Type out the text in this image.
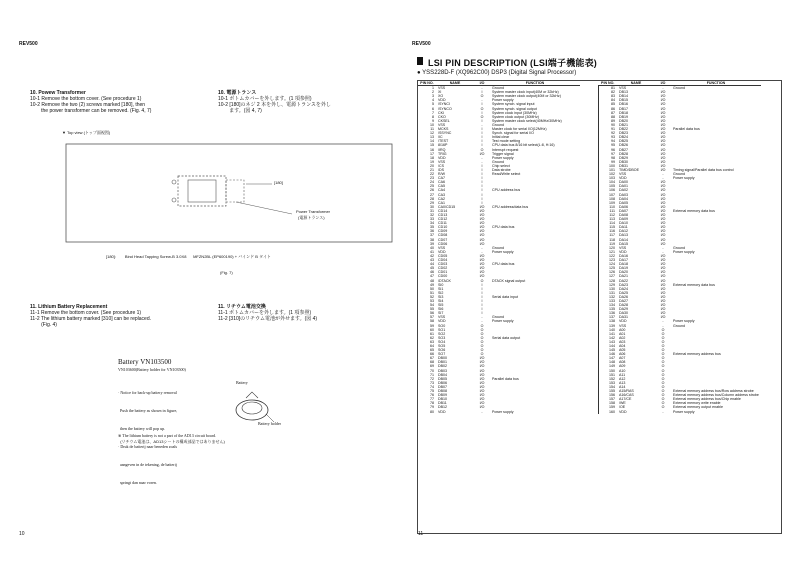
REV500
10. Powew Transformer
10-1 Remove the bottom cover. (See procedure 1)
10-2 Remove the two (2) screws marked [180], then
the power transformer can be removed. (Fig. 4, 7)
10. 電源トランス
10-1 ボトムカバーを外します。(1 項参照)
10-2 [180]のネジ 2 本を外し、電源トランスを外し
ます。(図 4, 7)
▼ Top view (トップ面視図)
[180]
Power Transformer
(電源トランス)
[180]:        Bind Head Tapping Screw-B 3.0X8      MFZN2BL (EP600190) + バインド B タイト
(Fig. 7)
11. Lithium Battery Replacement
11-1 Remove the bottom cover. (See procedure 1)
11-2 The lithium battery marked [310] can be replaced.
(Fig. 4)
11. リチウム電池交換
11-1 ボトムカバーを外します。(1 項参照)
11-2 [310]のリチウム電池が外せます。(図 4)
Battery VN103500
VN103600(Battery holder for VN103500)

· Notice for back-up battery removal

Push the battery as shown in figure,

then the battery will pop up.

· Druk de batterij naar beneden zoals

aangeven in de tekening, de batterij

springt dan naar voren.

Battery
Battery holder
※ The lithium battery is not a part of the AD13 circuit board.
(リチウム電池は、AD13シートの構成部品ではありません)
10
REV500
LSI PIN DESCRIPTION (LSI端子機能表)
● YSS228D-F (XQ962C00) DSP3 (Digital Signal Processor)
PIN NO.	NAME	I/O	FUNCTION
1	VSS	-	Ground
2	XI	I	System master clock input(40M or 32kHz)
3	XO	O	System master clock output(40M or 32kHz)
4	VDD	-	Power supply
5	/SYNCI	I	System synch. signal input
6	/SYNCO	O	System synch. signal output
7	CKI	I	System clock input (30MHz)
8	CKO	O	System clock output (30MHz)
9	CKSEL	I	System master clock select(40MHz/30MHz)
10	VSS	-	Ground
11	MCKS	I	Master clock for serial I/O(12MHz)
12	/SSYNC	I	Synch. signal for serial I/O
13	/IC	I	Initial clear
14	/TEST	I	Test mode setting
15	8/16P	I	CPU data bus 8/16 bit select(L:8, H:16)
16	/IRQ	O	Interrupt request
17	TRIG	I/O	Trigger signal
18	VDD	-	Power supply
19	VSS	-	Ground
20	/CS	I	Chip select
21	/DS	I	Data strobe
22	R/W	I	Read/Write select
23	CA7	I	
24	CA6	I	
25	CA5	I	
26	CA4	I	CPU address bus
27	CA3	I	
28	CA2	I	
29	CA1	I	
30	CA0/CD15	I/O	CPU address/data bus
31	CD14	I/O	
32	CD13	I/O	
33	CD12	I/O	
34	CD11	I/O	
35	CD10	I/O	CPU data bus
36	CD09	I/O	
37	CD08	I/O	
38	CD07	I/O	
39	CD06	I/O	
40	VSS	-	Ground
41	VDD	-	Power supply
42	CD05	I/O	
43	CD04	I/O	
44	CD03	I/O	CPU data bus
45	CD02	I/O	
46	CD01	I/O	
47	CD00	I/O	
48	/DTACK	O	DTACK signal output
49	SI0	I	
50	SI1	I	
51	SI2	I	
52	SI3	I	Serial data input
53	SI4	I	
54	SI5	I	
55	SI6	I	
56	SI7	I	
57	VSS	-	Ground
58	VDD	-	Power supply
59	SO0	O	
60	SO1	O	
61	SO2	O	
62	SO3	O	Serial data output
63	SO4	O	
64	SO5	O	
65	SO6	O	
66	SO7	O	
67	DB00	I/O	
68	DB01	I/O	
69	DB02	I/O	
70	DB03	I/O	
71	DB04	I/O	
72	DB05	I/O	Parallel data bus
73	DB06	I/O	
74	DB07	I/O	
75	DB08	I/O	
76	DB09	I/O	
77	DB10	I/O	
78	DB11	I/O	
79	DB12	I/O	
80	VDD	-	Power supply
PIN NO.	NAME	I/O	FUNCTION
81	VSS	-	Ground
82	DB13	I/O	
83	DB14	I/O	
84	DB15	I/O	
85	DB16	I/O	
86	DB17	I/O	
87	DB18	I/O	
88	DB19	I/O	
89	DB20	I/O	
90	DB21	I/O	
91	DB22	I/O	Parallel data bus
92	DB23	I/O	
93	DB24	I/O	
94	DB25	I/O	
95	DB26	I/O	
96	DB27	I/O	
97	DB28	I/O	
98	DB29	I/O	
99	DB30	I/O	
100	DB31	I/O	
101	TIMD/DBOE	I/O	Timing signal/Parallel data bus control
102	VSS	-	Ground
103	VDD	-	Power supply
104	DA00	I/O	
105	DA01	I/O	
106	DA02	I/O	
107	DA03	I/O	
108	DA04	I/O	
109	DA05	I/O	
110	DA06	I/O	
111	DA07	I/O	External memory data bus
112	DA08	I/O	
113	DA09	I/O	
114	DA10	I/O	
115	DA11	I/O	
116	DA12	I/O	
117	DA13	I/O	
118	DA14	I/O	
119	DA15	I/O	
120	VSS	-	Ground
121	VDD	-	Power supply
122	DA16	I/O	
123	DA17	I/O	
124	DA18	I/O	
125	DA19	I/O	
126	DA20	I/O	
127	DA21	I/O	
128	DA22	I/O	
129	DA23	I/O	External memory data bus
130	DA24	I/O	
131	DA25	I/O	
132	DA26	I/O	
133	DA27	I/O	
134	DA28	I/O	
135	DA29	I/O	
136	DA30	I/O	
137	DA31	I/O	
138	VDD	-	Power supply
139	VSS	-	Ground
140	A00	O	
141	A01	O	
142	A02	O	
143	A03	O	
144	A04	O	
145	A05	O	
146	A06	O	External memory address bus
147	A07	O	
148	A08	O	
149	A09	O	
150	A10	O	
151	A11	O	
152	A12	O	
153	A13	O	
154	A14	O	
155	A15/RAS	O	External memory address bus/Row address strobe
156	A16/CAS	O	External memory address bus/Column address strobe
157	A17/CE	O	External memory address bus/Chip enable
158	/WE	O	External memory write enable
159	/OE	O	External memory output enable
160	VDD	-	Power supply
11
